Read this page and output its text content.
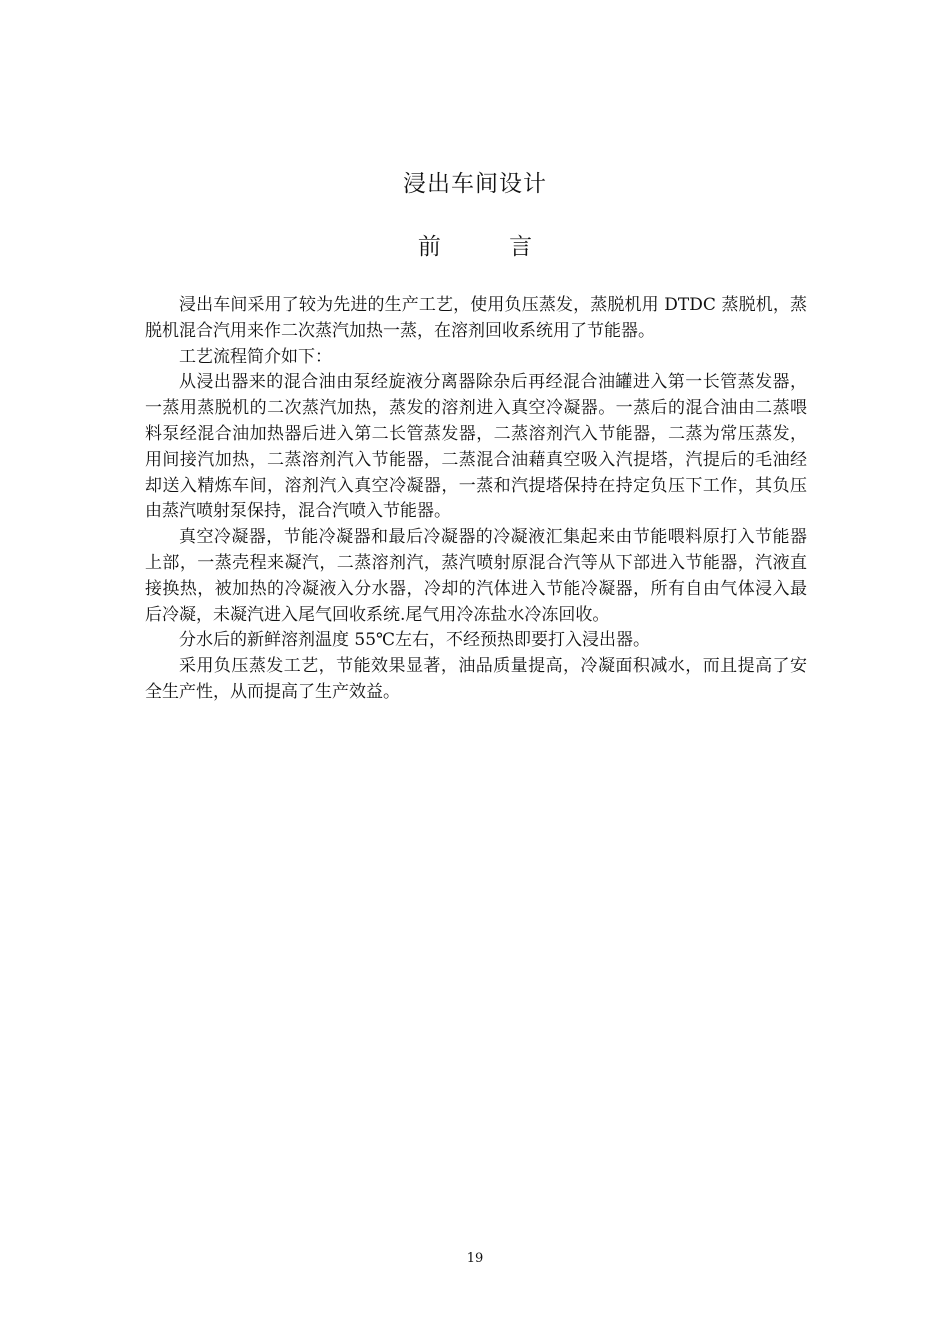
浸出车间设计
前	言

浸出车间采用了较为先进的生产工艺，使用负压蒸发，蒸脱机用 DTDC 蒸脱机，蒸脱机混合汽用来作二次蒸汽加热一蒸，在溶剂回收系统用了节能器。

工艺流程简介如下：

从浸出器来的混合油由泵经旋液分离器除杂后再经混合油罐进入第一长管蒸发器，一蒸用蒸脱机的二次蒸汽加热，蒸发的溶剂进入真空冷凝器。一蒸后的混合油由二蒸喂料泵经混合油加热器后进入第二长管蒸发器，二蒸溶剂汽入节能器，二蒸为常压蒸发，用间接汽加热，二蒸溶剂汽入节能器，二蒸混合油藉真空吸入汽提塔，汽提后的毛油经却送入精炼车间，溶剂汽入真空冷凝器，一蒸和汽提塔保持在持定负压下工作，其负压由蒸汽喷射泵保持，混合汽喷入节能器。

真空冷凝器，节能冷凝器和最后冷凝器的冷凝液汇集起来由节能喂料原打入节能器上部，一蒸壳程来凝汽，二蒸溶剂汽，蒸汽喷射原混合汽等从下部进入节能器，汽液直接换热，被加热的冷凝液入分水器，冷却的汽体进入节能冷凝器，所有自由气体浸入最后冷凝，未凝汽进入尾气回收系统.尾气用冷冻盐水冷冻回收。

分水后的新鲜溶剂温度 55℃左右，不经预热即要打入浸出器。

采用负压蒸发工艺，节能效果显著，油品质量提高，冷凝面积减水，而且提高了安全生产性，从而提高了生产效益。

19
